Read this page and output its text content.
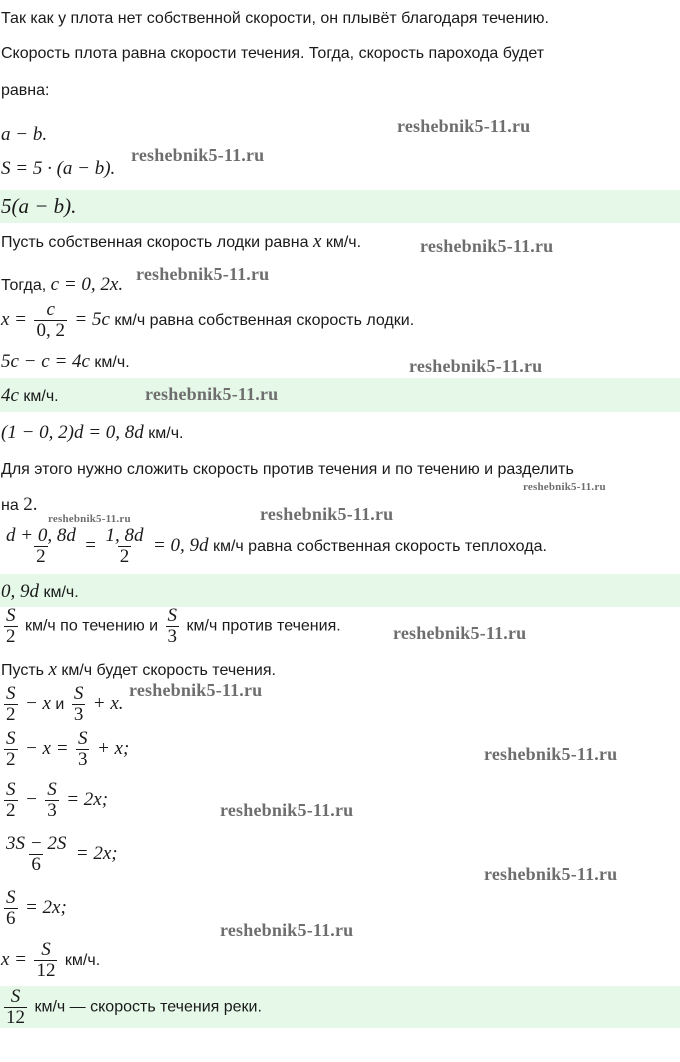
Так как у плота нет собственной скорости, он плывёт благодаря течению.
Скорость плота равна скорости течения. Тогда, скорость парохода будет
равна:
a − b.
S = 5 · (a − b).
5(a − b).
Пусть собственная скорость лодки равна x км/ч.
Тогда, c = 0, 2x.
$x = \frac{c}{0, 2} = 5c$ км/ч равна собственная скорость лодки.
5c − c = 4c км/ч.
4c км/ч.
(1 − 0, 2)d = 0, 8d км/ч.
Для этого нужно сложить скорость против течения и по течению и разделить
на 2.
$\frac{d + 0, 8d}{2} = \frac{1, 8d}{2} = 0$, 9d км/ч равна собственная скорость теплохода.
0, 9d км/ч.
$\frac{S}{2} км/ч$ по течению и $\frac{S}{3} км/ч$ против течения.
Пусть x км/ч будет скорость течения.
$\frac{S}{2} - x$ и $\frac{S}{3} + x$.
$\frac{S}{2} - x = \frac{S}{3} + x$;
$\frac{S}{2} - \frac{S}{3} = 2x$;
$\frac{3S - 2S}{6} = 2x$;
$\frac{S}{6} = 2x$;
$x = \frac{S}{12} км/ч$.
$\frac{S}{12} км/ч$ — скорость течения реки.
reshebnik5-11.ru
reshebnik5-11.ru
reshebnik5-11.ru
reshebnik5-11.ru
reshebnik5-11.ru
reshebnik5-11.ru
reshebnik5-11.ru
reshebnik5-11.ru	reshebnik5-11.ru
reshebnik5-11.ru
reshebnik5-11.ru
reshebnik5-11.ru
reshebnik5-11.ru
reshebnik5-11.ru
reshebnik5-11.ru
